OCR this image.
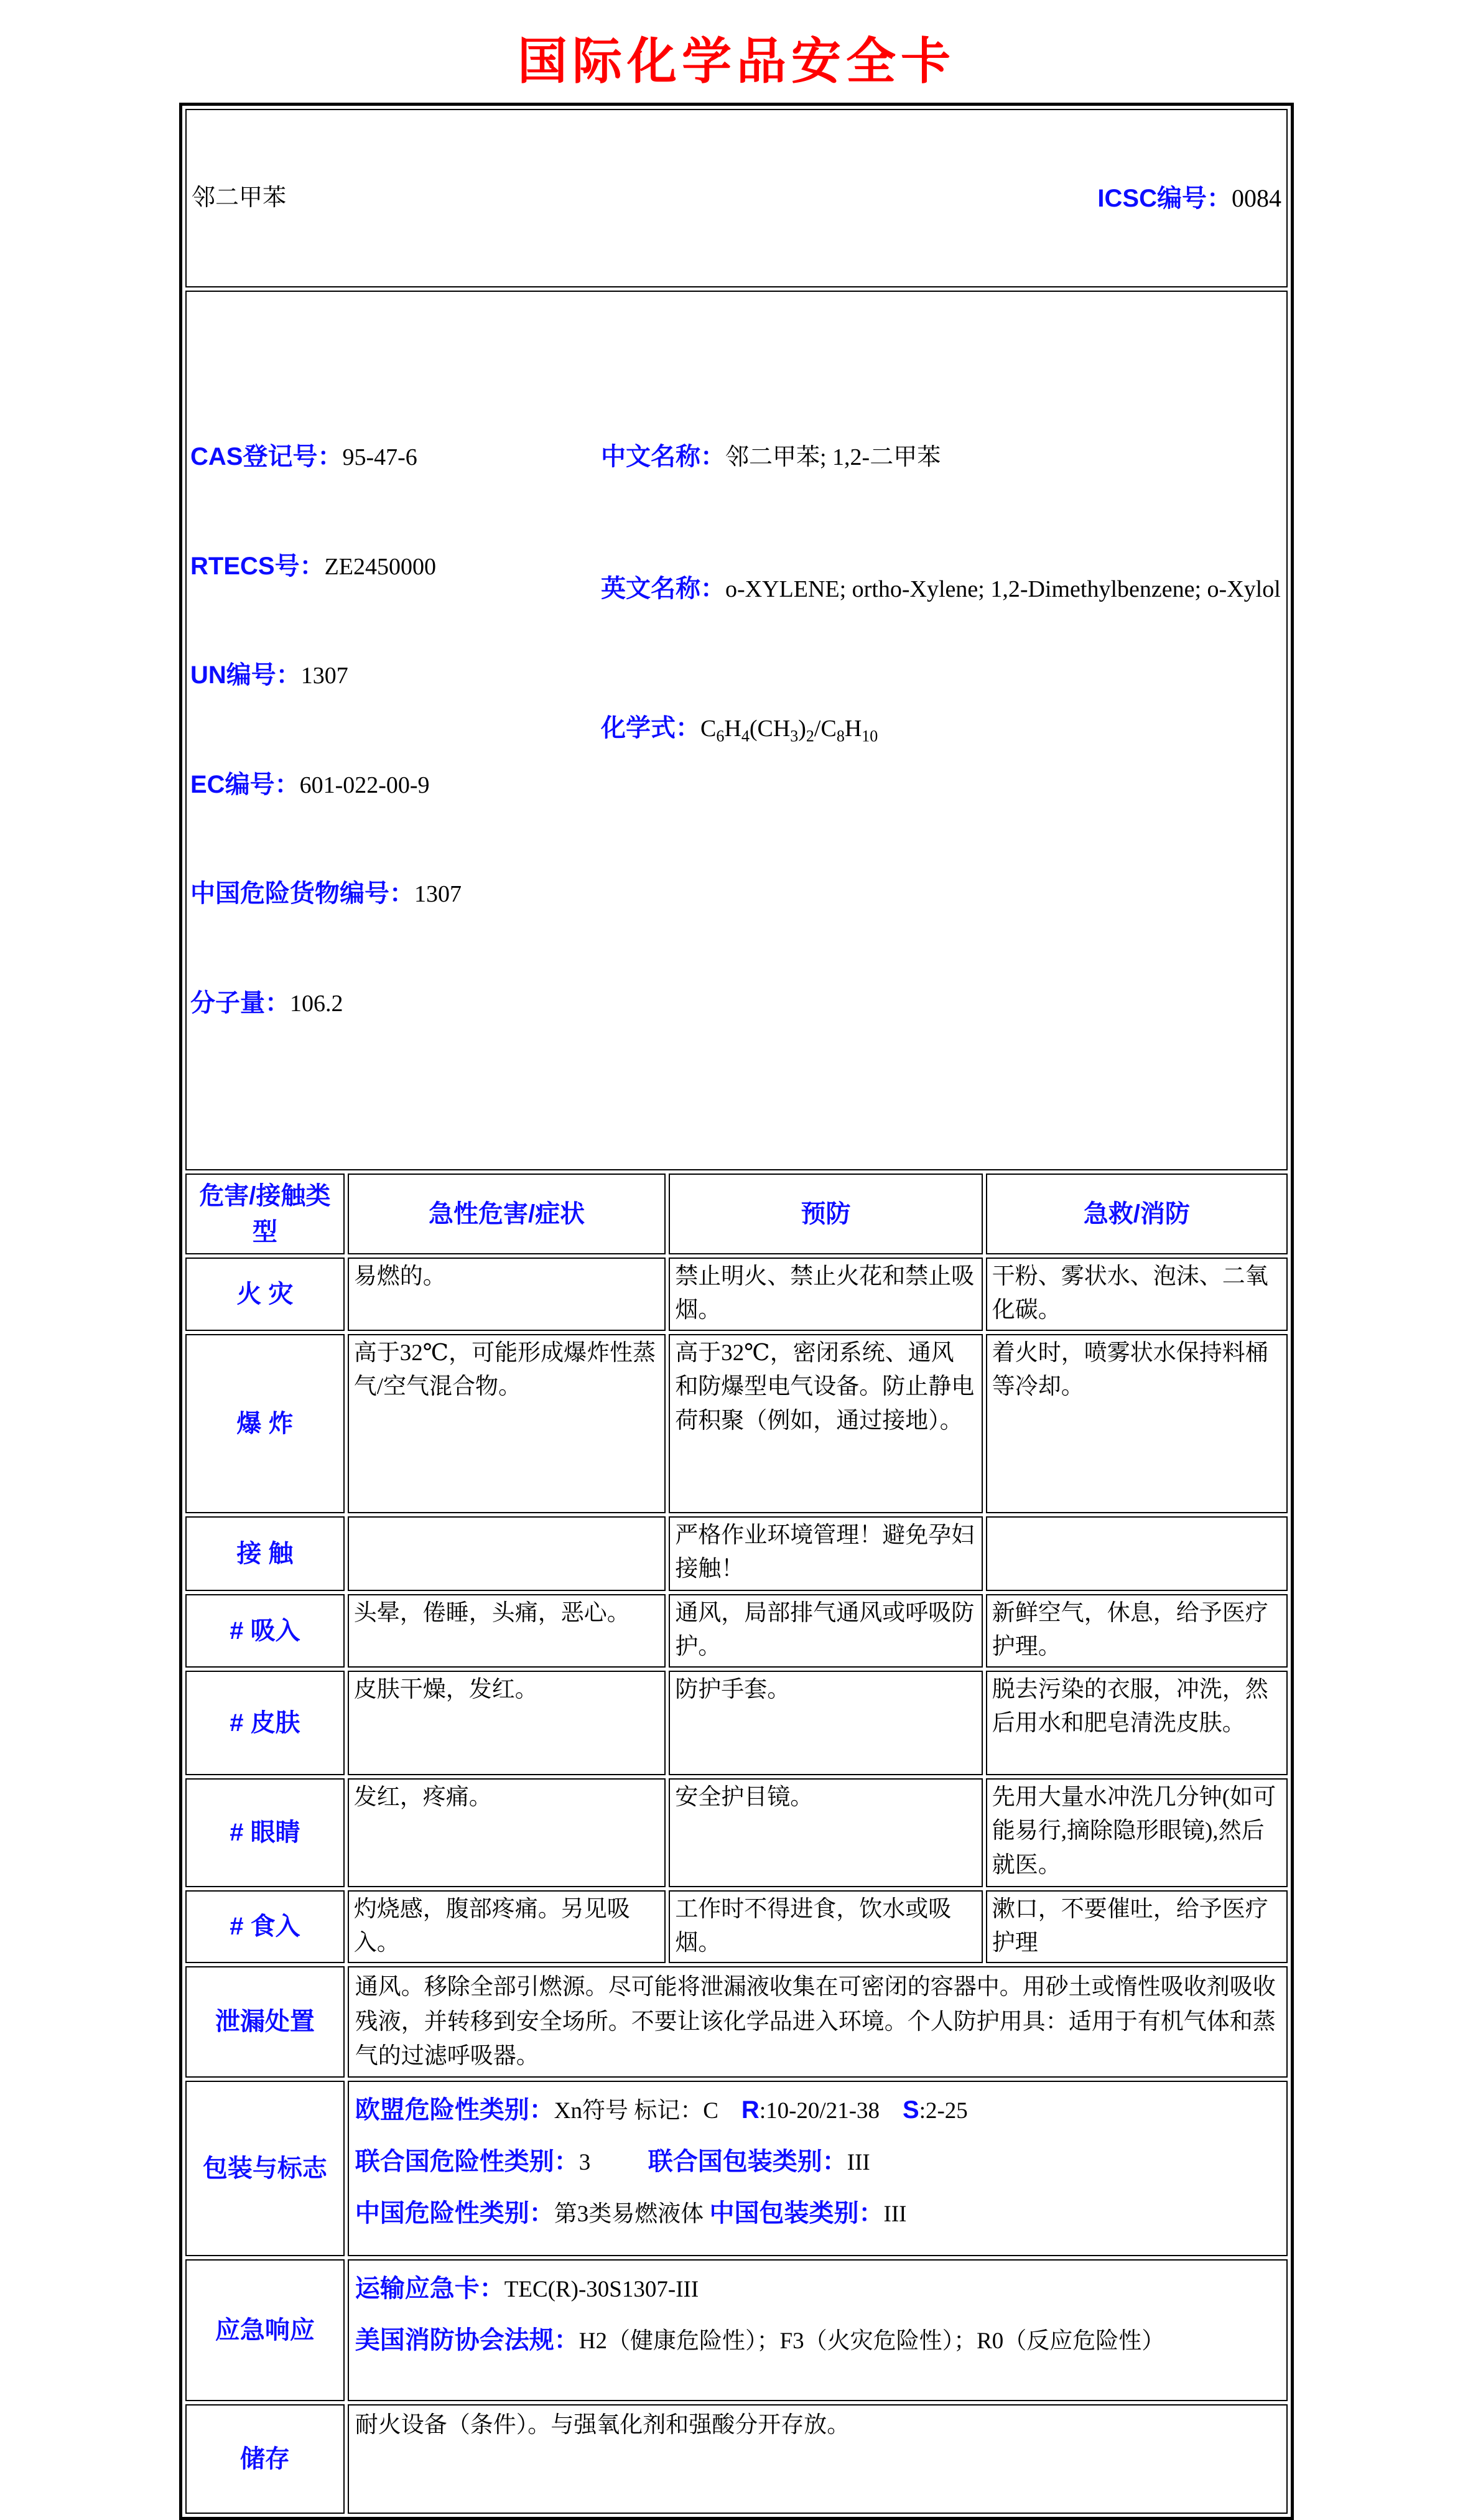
国际化学品安全卡

邻二甲苯 ICSC编号：0084			

CAS登记号：95-47-6

RTECS号：ZE2450000

UN编号：1307

EC编号：601-022-00-9

中国危险货物编号：1307

分子量：106.2

中文名称：邻二甲苯; 1,2-二甲苯

英文名称：o-XYLENE; ortho-Xylene; 1,2-Dimethylbenzene; o-Xylol

化学式：$C_6H_4(CH_3)_2/C_8H_{10}$

危害/接触类型	急性危害/症状	预防	急救/消防
火 灾	易燃的。	禁止明火、禁止火花和禁止吸烟。	干粉、雾状水、泡沫、二氧化碳。
爆 炸	高于32℃，可能形成爆炸性蒸气/空气混合物。	高于32℃，密闭系统、通风和防爆型电气设备。防止静电荷积聚（例如，通过接地）。	着火时，喷雾状水保持料桶等冷却。
接 触		严格作业环境管理！避免孕妇接触！	
# 吸入	头晕，倦睡，头痛，恶心。	通风，局部排气通风或呼吸防护。	新鲜空气，休息，给予医疗护理。
# 皮肤	皮肤干燥，发红。	防护手套。	脱去污染的衣服，冲洗，然后用水和肥皂清洗皮肤。
# 眼睛	发红，疼痛。	安全护目镜。	先用大量水冲洗几分钟(如可能易行,摘除隐形眼镜),然后就医。
# 食入	灼烧感，腹部疼痛。另见吸入。	工作时不得进食，饮水或吸烟。	漱口，不要催吐，给予医疗护理
泄漏处置	通风。移除全部引燃源。尽可能将泄漏液收集在可密闭的容器中。用砂土或惰性吸收剂吸收残液，并转移到安全场所。不要让该化学品进入环境。个人防护用具：适用于有机气体和蒸气的过滤呼吸器。		

包装与标志	欧盟危险性类别：Xn符号 标记：C    R:10-20/21-38    S:2-25
联合国危险性类别：3          联合国包装类别：III
中国危险性类别：第3类易燃液体 中国包装类别：III		

应急响应	运输应急卡：TEC(R)-30S1307-III
美国消防协会法规：H2（健康危险性）；F3（火灾危险性）；R0（反应危险性）		

储存	耐火设备（条件）。与强氧化剂和强酸分开存放。		
